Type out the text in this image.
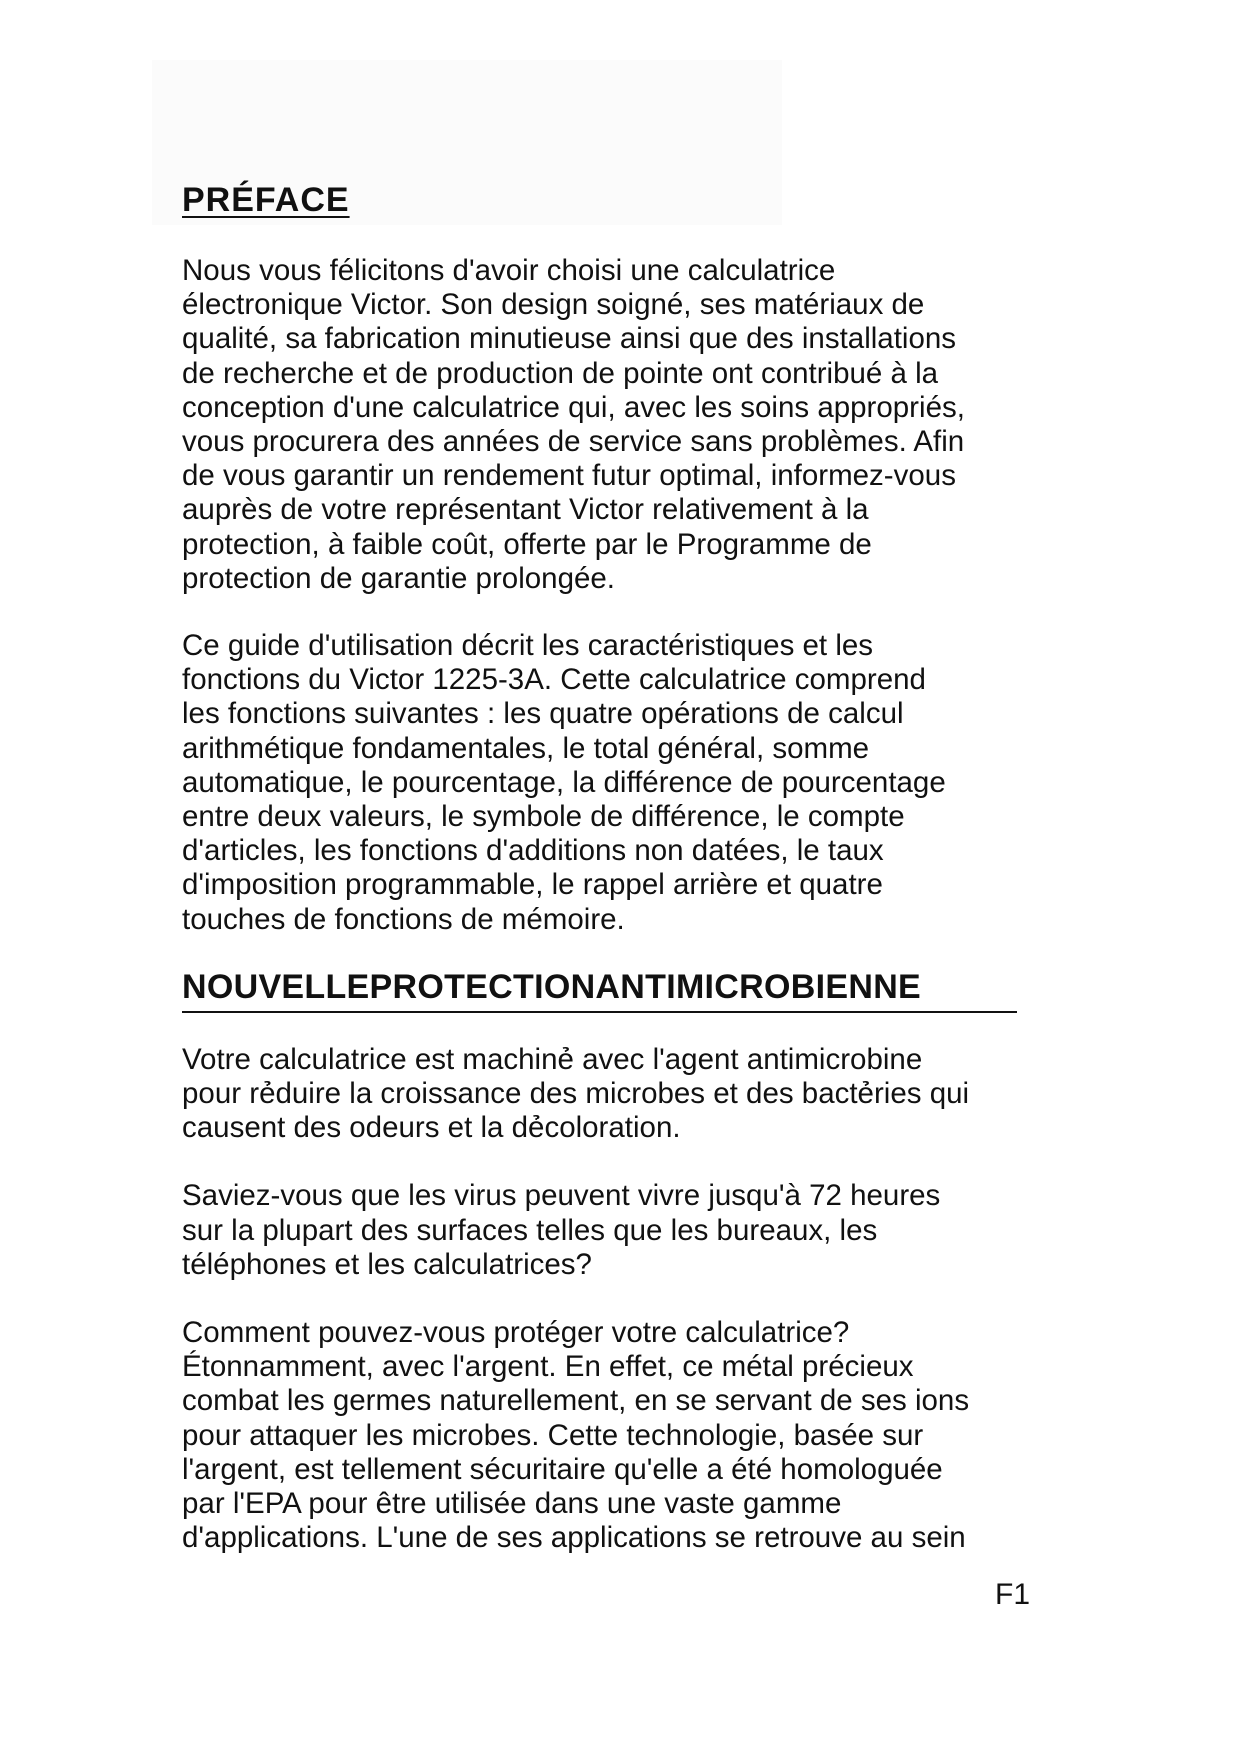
PRÉFACE

Nous vous félicitons d'avoir choisi une calculatrice
électronique Victor. Son design soigné, ses matériaux de
qualité, sa fabrication minutieuse ainsi que des installations
de recherche et de production de pointe ont contribué à la
conception d'une calculatrice qui, avec les soins appropriés,
vous procurera des années de service sans problèmes. Afin
de vous garantir un rendement futur optimal, informez-vous
auprès de votre représentant Victor relativement à la
protection, à faible coût, offerte par le Programme de
protection de garantie prolongée.

Ce guide d'utilisation décrit les caractéristiques et les
fonctions du Victor 1225-3A. Cette calculatrice comprend
les fonctions suivantes : les quatre opérations de calcul
arithmétique fondamentales, le total général, somme
automatique, le pourcentage, la différence de pourcentage
entre deux valeurs, le symbole de différence, le compte
d'articles, les fonctions d'additions non datées, le taux
d'imposition programmable, le rappel arrière et quatre
touches de fonctions de mémoire.

NOUVELLEPROTECTIONANTIMICROBIENNE

Votre calculatrice est machinẻ avec l'agent antimicrobine
pour rẻduire la croissance des microbes et des bactẻries qui
causent des odeurs et la dẻcoloration.

Saviez-vous que les virus peuvent vivre jusqu'à 72 heures
sur la plupart des surfaces telles que les bureaux, les
téléphones et les calculatrices?

Comment pouvez-vous protéger votre calculatrice?
Étonnamment, avec l'argent. En effet, ce métal précieux
combat les germes naturellement, en se servant de ses ions
pour attaquer les microbes. Cette technologie, basée sur
l'argent, est tellement sécuritaire qu'elle a été homologuée
par l'EPA pour être utilisée dans une vaste gamme
d'applications. L'une de ses applications se retrouve au sein

F1
